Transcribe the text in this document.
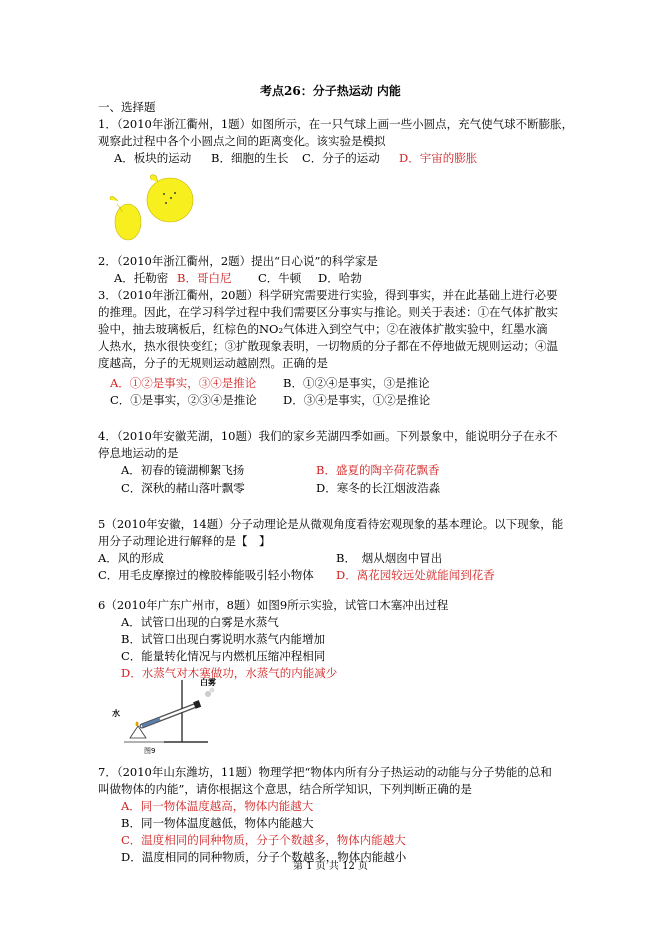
考点26：分子热运动 内能
一、选择题
1．（2010年浙江衢州，1题）如图所示，在一只气球上画一些小圆点，充气使气球不断膨胀，
观察此过程中各个小圆点之间的距离变化。该实验是模拟
A．板块的运动 B．细胞的生长 C．分子的运动 D．宇宙的膨胀
2．（2010年浙江衢州，2题）提出“日心说”的科学家是
A．托勒密 B．哥白尼 C．牛顿 D．哈勃
3．（2010年浙江衢州，20题）科学研究需要进行实验，得到事实，并在此基础上进行必要
的推理。因此，在学习科学过程中我们需要区分事实与推论。则关于表述：①在气体扩散实
验中，抽去玻璃板后，红棕色的NO₂气体进入到空气中；②在液体扩散实验中，红墨水滴
人热水，热水很快变红；③扩散现象表明，一切物质的分子都在不停地做无规则运动；④温
度越高，分子的无规则运动越剧烈。正确的是
A．①②是事实，③④是推论 B．①②④是事实，③是推论
C．①是事实，②③④是推论 D．③④是事实，①②是推论
4．（2010年安徽芜湖，10题）我们的家乡芜湖四季如画。下列景象中，能说明分子在永不
停息地运动的是
A．初春的镜湖柳絮飞扬	B．盛夏的陶辛荷花飘香
C．深秋的赭山落叶飘零	D．寒冬的长江烟波浩淼
5（2010年安徽，14题）分子动理论是从微观角度看待宏观现象的基本理论。以下现象，能
用分子动理论进行解释的是【　】
A．风的形成	B．　烟从烟囱中冒出
C．用毛皮摩擦过的橡胶棒能吸引轻小物体 D．离花园较远处就能闻到花香
6（2010年广东广州市，8题）如图9所示实验，试管口木塞冲出过程
A．试管口出现的白雾是水蒸气
B．试管口出现白雾说明水蒸气内能增加
C．能量转化情况与内燃机压缩冲程相同
D．水蒸气对木塞做功，水蒸气的内能减少
水
白雾
图9
7．（2010年山东潍坊，11题）物理学把“物体内所有分子热运动的动能与分子势能的总和
叫做物体的内能”，请你根据这个意思，结合所学知识，下列判断正确的是
A．同一物体温度越高，物体内能越大
B．同一物体温度越低，物体内能越大
C．温度相同的同种物质，分子个数越多，物体内能越大
D．温度相同的同种物质，分子个数越多，物体内能越小
第 1 页 共 12 页
